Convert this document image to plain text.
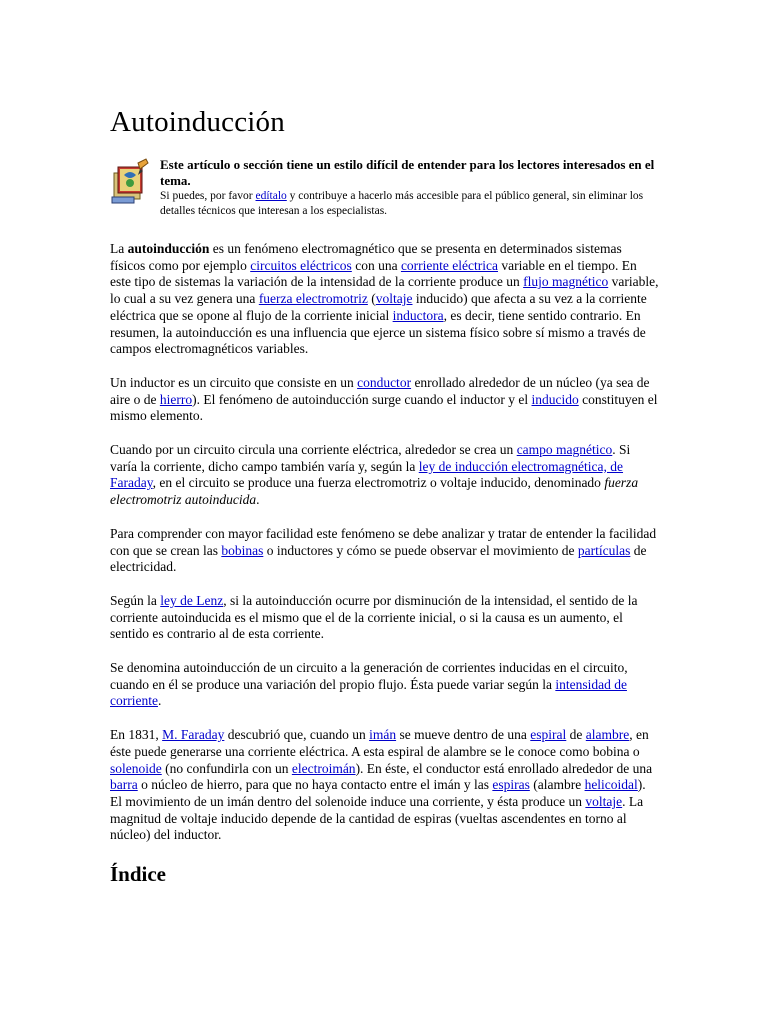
Autoinducción
Este artículo o sección tiene un estilo difícil de entender para los lectores interesados en el tema.
Si puedes, por favor edítalo y contribuye a hacerlo más accesible para el público general, sin eliminar los detalles técnicos que interesan a los especialistas.

La autoinducción es un fenómeno electromagnético que se presenta en determinados sistemas físicos como por ejemplo circuitos eléctricos con una corriente eléctrica variable en el tiempo. En este tipo de sistemas la variación de la intensidad de la corriente produce un flujo magnético variable, lo cual a su vez genera una fuerza electromotriz (voltaje inducido) que afecta a su vez a la corriente eléctrica que se opone al flujo de la corriente inicial inductora, es decir, tiene sentido contrario. En resumen, la autoinducción es una influencia que ejerce un sistema físico sobre sí mismo a través de campos electromagnéticos variables.

Un inductor es un circuito que consiste en un conductor enrollado alrededor de un núcleo (ya sea de aire o de hierro). El fenómeno de autoinducción surge cuando el inductor y el inducido constituyen el mismo elemento.

Cuando por un circuito circula una corriente eléctrica, alrededor se crea un campo magnético. Si varía la corriente, dicho campo también varía y, según la ley de inducción electromagnética, de Faraday, en el circuito se produce una fuerza electromotriz o voltaje inducido, denominado fuerza electromotriz autoinducida.

Para comprender con mayor facilidad este fenómeno se debe analizar y tratar de entender la facilidad con que se crean las bobinas o inductores y cómo se puede observar el movimiento de partículas de electricidad.

Según la ley de Lenz, si la autoinducción ocurre por disminución de la intensidad, el sentido de la corriente autoinducida es el mismo que el de la corriente inicial, o si la causa es un aumento, el sentido es contrario al de esta corriente.

Se denomina autoinducción de un circuito a la generación de corrientes inducidas en el circuito, cuando en él se produce una variación del propio flujo. Ésta puede variar según la intensidad de corriente.

En 1831, M. Faraday descubrió que, cuando un imán se mueve dentro de una espiral de alambre, en éste puede generarse una corriente eléctrica. A esta espiral de alambre se le conoce como bobina o solenoide (no confundirla con un electroimán). En éste, el conductor está enrollado alrededor de una barra o núcleo de hierro, para que no haya contacto entre el imán y las espiras (alambre helicoidal). El movimiento de un imán dentro del solenoide induce una corriente, y ésta produce un voltaje. La magnitud de voltaje inducido depende de la cantidad de espiras (vueltas ascendentes en torno al núcleo) del inductor.

Índice
